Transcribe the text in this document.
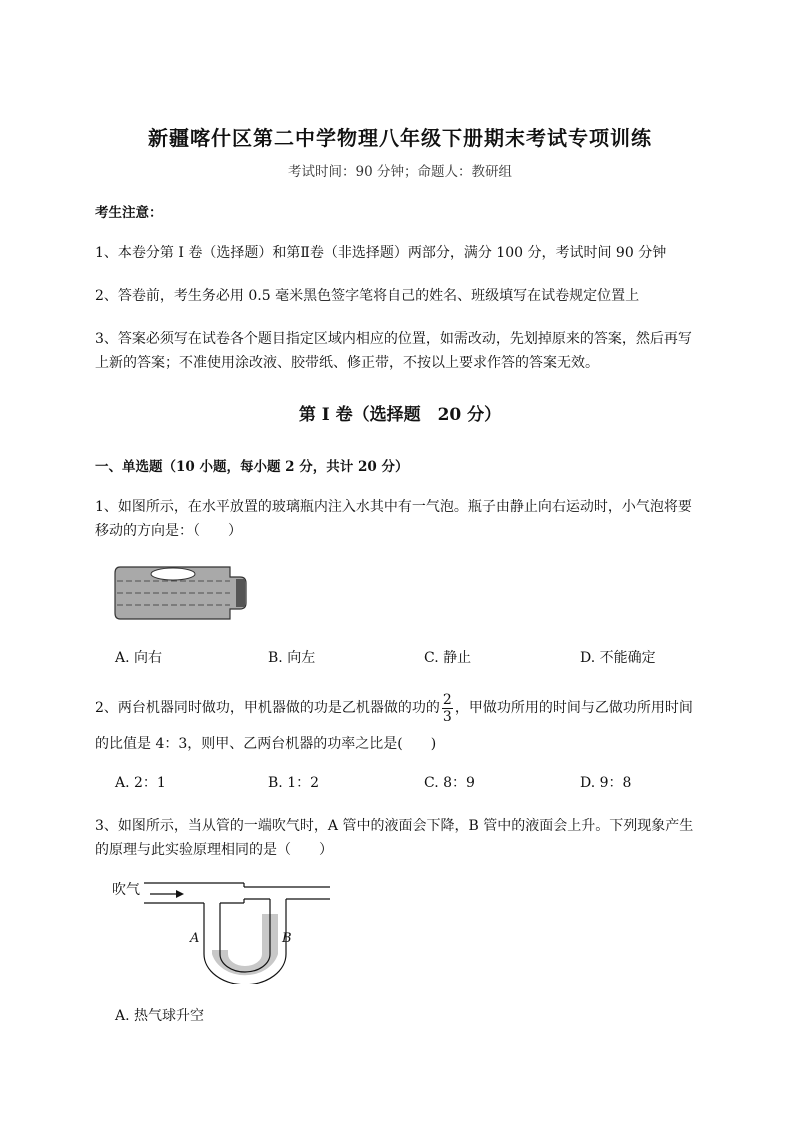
新疆喀什区第二中学物理八年级下册期末考试专项训练
考试时间：90 分钟；命题人：教研组
考生注意：
1、本卷分第 I 卷（选择题）和第Ⅱ卷（非选择题）两部分，满分 100 分，考试时间 90 分钟
2、答卷前，考生务必用 0.5 毫米黑色签字笔将自己的姓名、班级填写在试卷规定位置上
3、答案必须写在试卷各个题目指定区域内相应的位置，如需改动，先划掉原来的答案，然后再写上新的答案；不准使用涂改液、胶带纸、修正带，不按以上要求作答的答案无效。
第 I 卷（选择题　20 分）
一、单选题（10 小题，每小题 2 分，共计 20 分）
1、如图所示，在水平放置的玻璃瓶内注入水其中有一气泡。瓶子由静止向右运动时，小气泡将要移动的方向是：（　　）
A. 向右	B. 向左	C. 静止	D. 不能确定
2、两台机器同时做功，甲机器做的功是乙机器做的功的 $\frac{2}{3}$ ，甲做功所用的时间与乙做功所用时间的比值是 4：3，则甲、乙两台机器的功率之比是(　　)
A. 2：1	B. 1：2	C. 8：9	D. 9：8
3、如图所示，当从管的一端吹气时，A 管中的液面会下降，B 管中的液面会上升。下列现象产生的原理与此实验原理相同的是（　　）
吹气
A	B
A. 热气球升空
